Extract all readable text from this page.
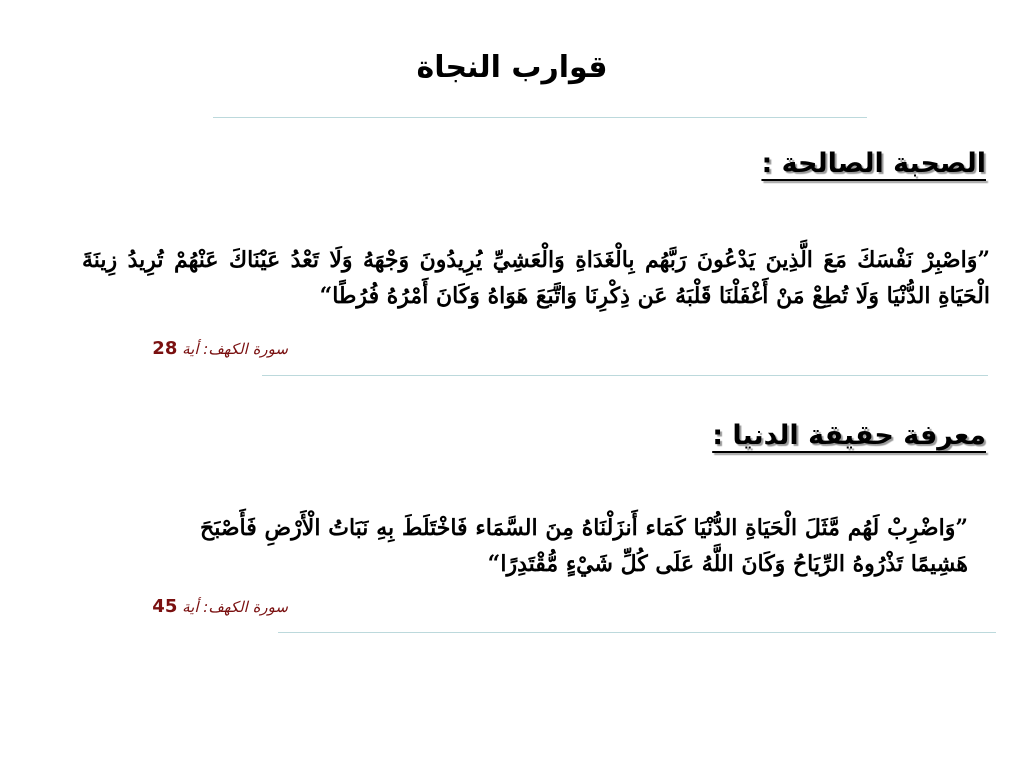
قوارب النجاة
الصحبة الصالحة :
”وَاصْبِرْ نَفْسَكَ مَعَ الَّذِينَ يَدْعُونَ رَبَّهُم بِالْغَدَاةِ وَالْعَشِيِّ يُرِيدُونَ وَجْهَهُ وَلَا تَعْدُ عَيْنَاكَ عَنْهُمْ تُرِيدُ زِينَةَ الْحَيَاةِ الدُّنْيَا وَلَا تُطِعْ مَنْ أَغْفَلْنَا قَلْبَهُ عَن ذِكْرِنَا وَاتَّبَعَ هَوَاهُ وَكَانَ أَمْرُهُ فُرُطًا“
سورة الكهف: أية 28
معرفة حقيقة الدنيا :
”وَاضْرِبْ لَهُم مَّثَلَ الْحَيَاةِ الدُّنْيَا كَمَاء أَنزَلْنَاهُ مِنَ السَّمَاء فَاخْتَلَطَ بِهِ نَبَاتُ الْأَرْضِ فَأَصْبَحَ هَشِيمًا تَذْرُوهُ الرِّيَاحُ وَكَانَ اللَّهُ عَلَى كُلِّ شَيْءٍ مُّقْتَدِرًا“
سورة الكهف: أية 45
